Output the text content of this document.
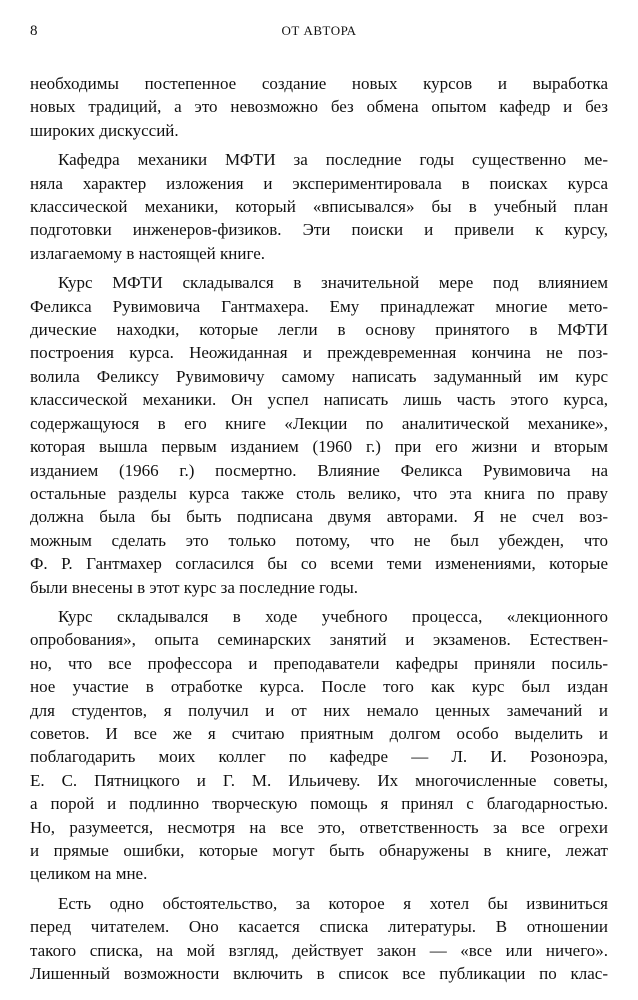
8	ОТ АВТОРА

необходимы постепенное создание новых курсов и выработка
новых традиций, а это невозможно без обмена опытом кафедр и без
широких дискуссий.

Кафедра механики МФТИ за последние годы существенно ме-
няла характер изложения и экспериментировала в поисках курса
классической механики, который «вписывался» бы в учебный план
подготовки инженеров-физиков. Эти поиски и привели к курсу,
излагаемому в настоящей книге.

Курс МФТИ складывался в значительной мере под влиянием
Феликса Рувимовича Гантмахера. Ему принадлежат многие мето-
дические находки, которые легли в основу принятого в МФТИ
построения курса. Неожиданная и преждевременная кончина не поз-
волила Феликсу Рувимовичу самому написать задуманный им курс
классической механики. Он успел написать лишь часть этого курса,
содержащуюся в его книге «Лекции по аналитической механике»,
которая вышла первым изданием (1960 г.) при его жизни и вторым
изданием (1966 г.) посмертно. Влияние Феликса Рувимовича на
остальные разделы курса также столь велико, что эта книга по праву
должна была бы быть подписана двумя авторами. Я не счел воз-
можным сделать это только потому, что не был убежден, что
Ф. Р. Гантмахер согласился бы со всеми теми изменениями, которые
были внесены в этот курс за последние годы.

Курс складывался в ходе учебного процесса, «лекционного
опробования», опыта семинарских занятий и экзаменов. Естествен-
но, что все профессора и преподаватели кафедры приняли посиль-
ное участие в отработке курса. После того как курс был издан
для студентов, я получил и от них немало ценных замечаний и
советов. И все же я считаю приятным долгом особо выделить и
поблагодарить моих коллег по кафедре — Л. И. Розоноэра,
Е. С. Пятницкого и Г. М. Ильичеву. Их многочисленные советы,
а порой и подлинно творческую помощь я принял с благодарностью.
Но, разумеется, несмотря на все это, ответственность за все огрехи
и прямые ошибки, которые могут быть обнаружены в книге, лежат
целиком на мне.

Есть одно обстоятельство, за которое я хотел бы извиниться
перед читателем. Оно касается списка литературы. В отношении
такого списка, на мой взгляд, действует закон — «все или ничего».
Лишенный возможности включить в список все публикации по клас-
